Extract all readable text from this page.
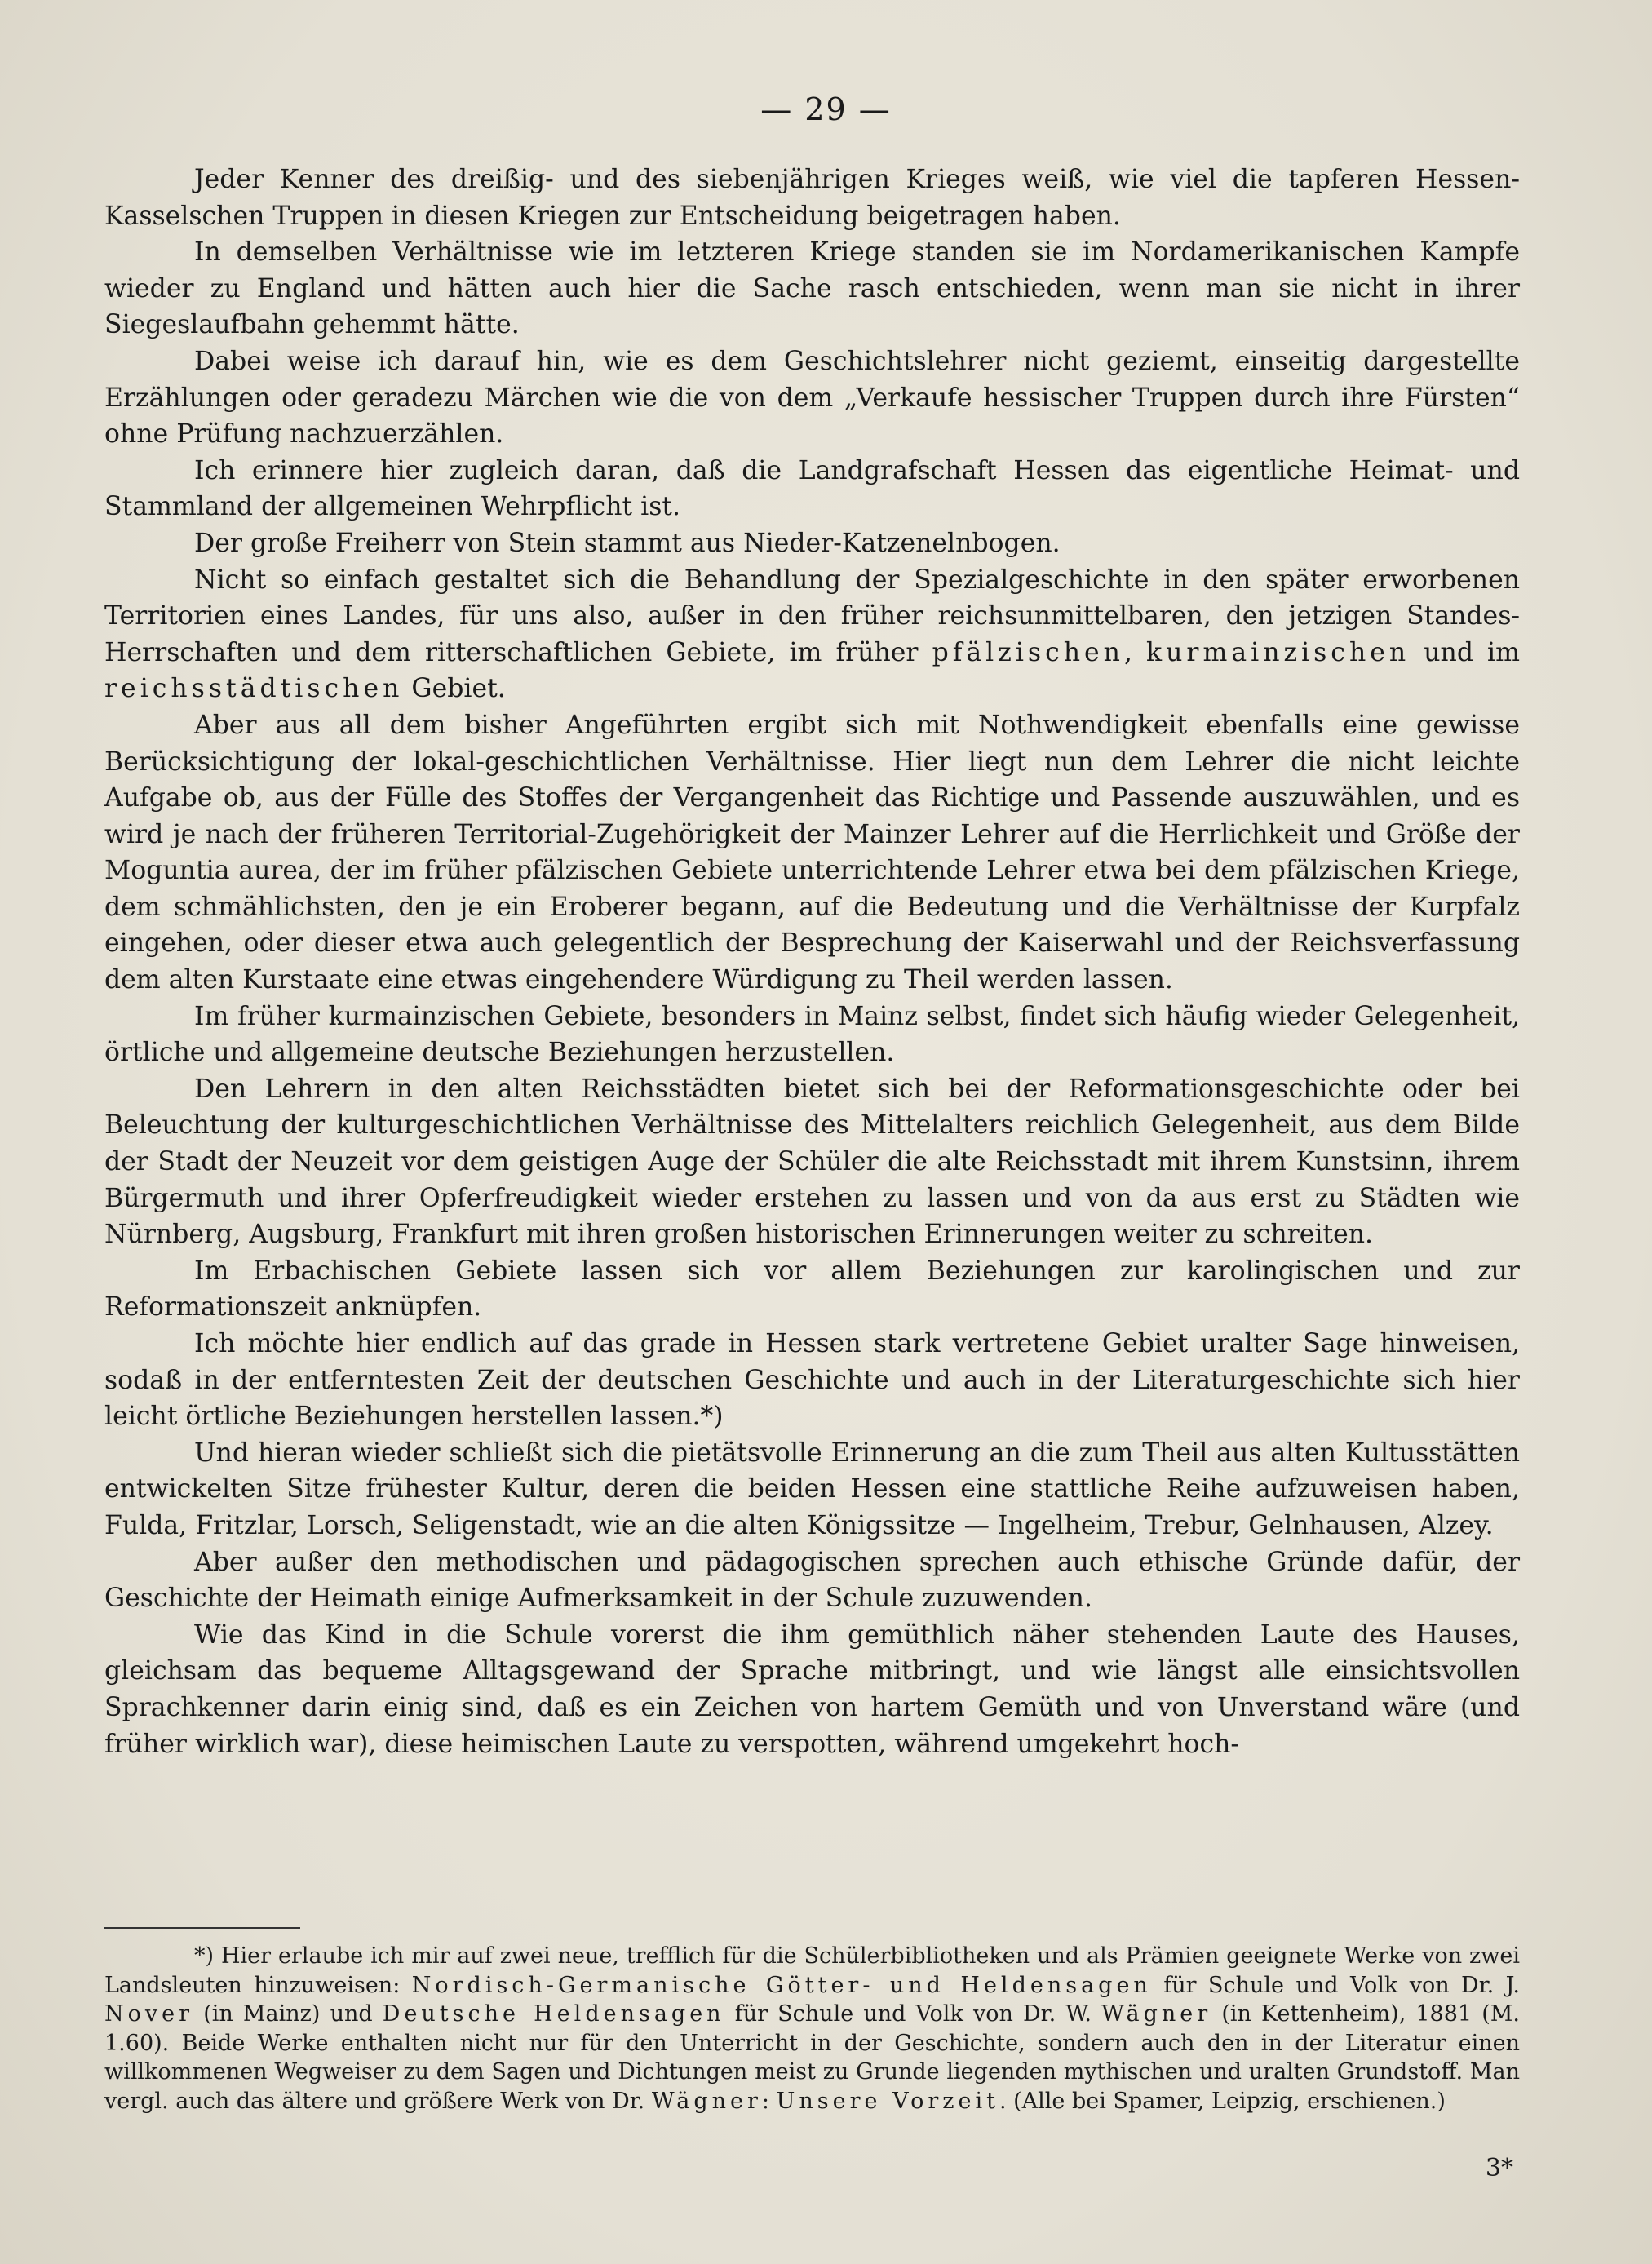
— 29 —

Jeder Kenner des dreißig- und des siebenjährigen Krieges weiß, wie viel die tapferen Hessen-Kasselschen Truppen in diesen Kriegen zur Entscheidung beigetragen haben.

In demselben Verhältnisse wie im letzteren Kriege standen sie im Nordamerikanischen Kampfe wieder zu England und hätten auch hier die Sache rasch entschieden, wenn man sie nicht in ihrer Siegeslaufbahn gehemmt hätte.

Dabei weise ich darauf hin, wie es dem Geschichtslehrer nicht geziemt, einseitig dargestellte Erzählungen oder geradezu Märchen wie die von dem „Verkaufe hessischer Truppen durch ihre Fürsten“ ohne Prüfung nachzuerzählen.

Ich erinnere hier zugleich daran, daß die Landgrafschaft Hessen das eigentliche Heimat- und Stammland der allgemeinen Wehrpflicht ist.

Der große Freiherr von Stein stammt aus Nieder-Katzenelnbogen.

Nicht so einfach gestaltet sich die Behandlung der Spezialgeschichte in den später erworbenen Territorien eines Landes, für uns also, außer in den früher reichsunmittelbaren, den jetzigen Standes-Herrschaften und dem ritterschaftlichen Gebiete, im früher pfälzischen, kurmainzischen und im reichsstädtischen Gebiet.

Aber aus all dem bisher Angeführten ergibt sich mit Nothwendigkeit ebenfalls eine gewisse Berücksichtigung der lokal-geschichtlichen Verhältnisse. Hier liegt nun dem Lehrer die nicht leichte Aufgabe ob, aus der Fülle des Stoffes der Vergangenheit das Richtige und Passende auszuwählen, und es wird je nach der früheren Territorial-Zugehörigkeit der Mainzer Lehrer auf die Herrlichkeit und Größe der Moguntia aurea, der im früher pfälzischen Gebiete unterrichtende Lehrer etwa bei dem pfälzischen Kriege, dem schmählichsten, den je ein Eroberer begann, auf die Bedeutung und die Verhältnisse der Kurpfalz eingehen, oder dieser etwa auch gelegentlich der Besprechung der Kaiserwahl und der Reichsverfassung dem alten Kurstaate eine etwas eingehendere Würdigung zu Theil werden lassen.

Im früher kurmainzischen Gebiete, besonders in Mainz selbst, findet sich häufig wieder Gelegenheit, örtliche und allgemeine deutsche Beziehungen herzustellen.

Den Lehrern in den alten Reichsstädten bietet sich bei der Reformationsgeschichte oder bei Beleuchtung der kulturgeschichtlichen Verhältnisse des Mittelalters reichlich Gelegenheit, aus dem Bilde der Stadt der Neuzeit vor dem geistigen Auge der Schüler die alte Reichsstadt mit ihrem Kunstsinn, ihrem Bürgermuth und ihrer Opferfreudigkeit wieder erstehen zu lassen und von da aus erst zu Städten wie Nürnberg, Augsburg, Frankfurt mit ihren großen historischen Erinnerungen weiter zu schreiten.

Im Erbachischen Gebiete lassen sich vor allem Beziehungen zur karolingischen und zur Reformationszeit anknüpfen.

Ich möchte hier endlich auf das grade in Hessen stark vertretene Gebiet uralter Sage hinweisen, sodaß in der entferntesten Zeit der deutschen Geschichte und auch in der Literaturgeschichte sich hier leicht örtliche Beziehungen herstellen lassen.*)

Und hieran wieder schließt sich die pietätsvolle Erinnerung an die zum Theil aus alten Kultusstätten entwickelten Sitze frühester Kultur, deren die beiden Hessen eine stattliche Reihe aufzuweisen haben, Fulda, Fritzlar, Lorsch, Seligenstadt, wie an die alten Königssitze — Ingelheim, Trebur, Gelnhausen, Alzey.

Aber außer den methodischen und pädagogischen sprechen auch ethische Gründe dafür, der Geschichte der Heimath einige Aufmerksamkeit in der Schule zuzuwenden.

Wie das Kind in die Schule vorerst die ihm gemüthlich näher stehenden Laute des Hauses, gleichsam das bequeme Alltagsgewand der Sprache mitbringt, und wie längst alle einsichtsvollen Sprachkenner darin einig sind, daß es ein Zeichen von hartem Gemüth und von Unverstand wäre (und früher wirklich war), diese heimischen Laute zu verspotten, während umgekehrt hoch-

*) Hier erlaube ich mir auf zwei neue, trefflich für die Schülerbibliotheken und als Prämien geeignete Werke von zwei Landsleuten hinzuweisen: Nordisch-Germanische Götter- und Heldensagen für Schule und Volk von Dr. J. Nover (in Mainz) und Deutsche Heldensagen für Schule und Volk von Dr. W. Wägner (in Kettenheim), 1881 (M. 1.60). Beide Werke enthalten nicht nur für den Unterricht in der Geschichte, sondern auch den in der Literatur einen willkommenen Wegweiser zu dem Sagen und Dichtungen meist zu Grunde liegenden mythischen und uralten Grundstoff. Man vergl. auch das ältere und größere Werk von Dr. Wägner: Unsere Vorzeit. (Alle bei Spamer, Leipzig, erschienen.)

3*
